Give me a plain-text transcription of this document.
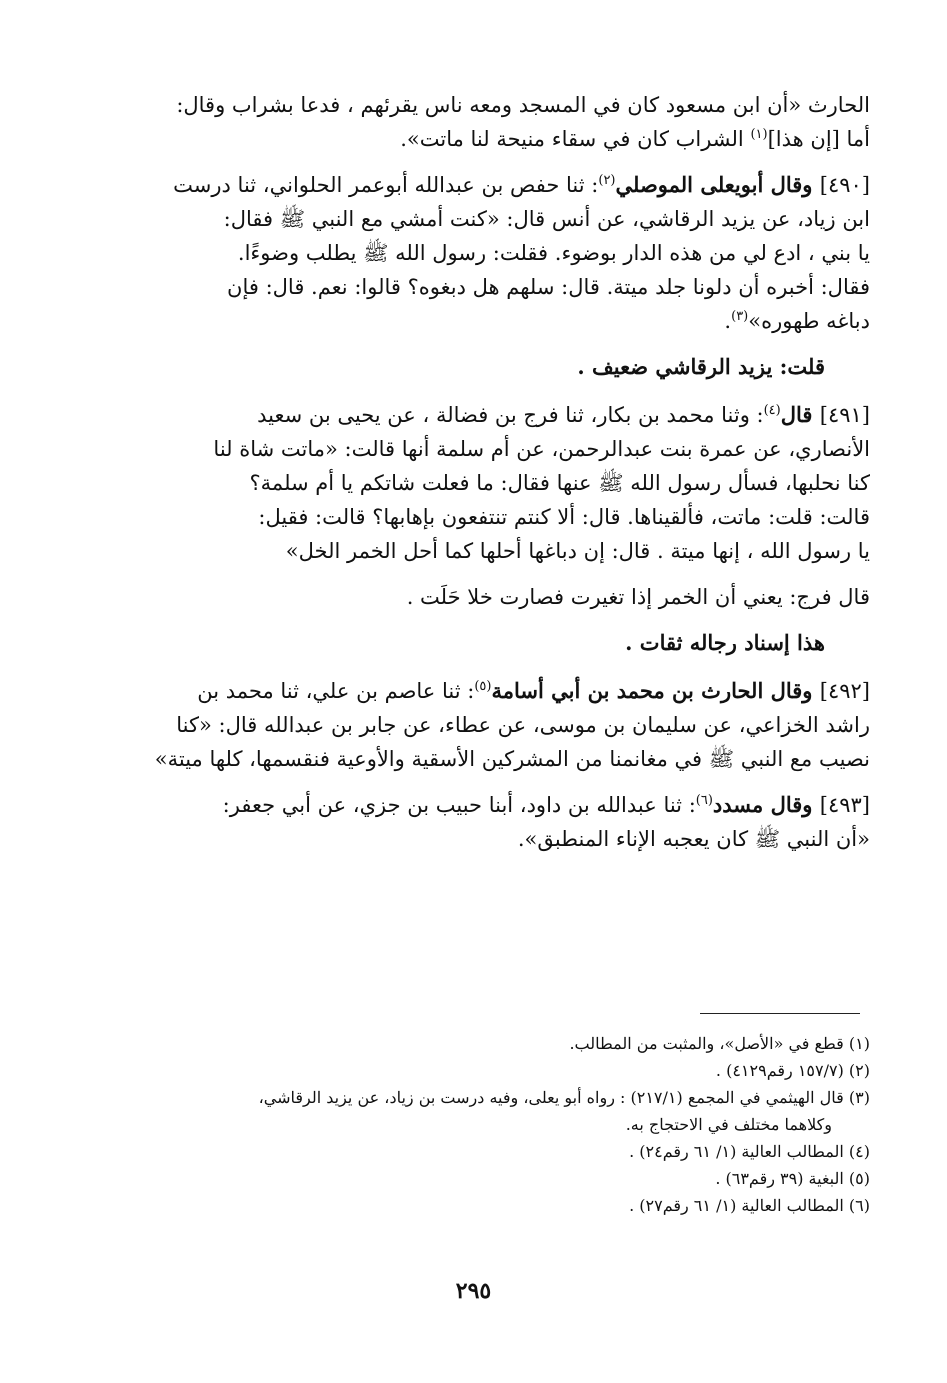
الحارث «أن ابن مسعود كان في المسجد ومعه ناس يقرئهم ، فدعا بشراب وقال:
أما [إن هذا]$^{(١)}$ الشراب كان في سقاء منيحة لنا ماتت».
[٤٩٠] وقال أبويعلى الموصلي$^{(٢)}$: ثنا حفص بن عبدالله أبوعمر الحلواني، ثنا درست
ابن زياد، عن يزيد الرقاشي، عن أنس قال: «كنت أمشي مع النبي ﷺ فقال:
يا بني ، ادع لي من هذه الدار بوضوء. فقلت: رسول الله ﷺ يطلب وضوءًا.
فقال: أخبره أن دلونا جلد ميتة. قال: سلهم هل دبغوه؟ قالوا: نعم. قال: فإن
دباغه طهوره»$^{(٣)}$.
قلت: يزيد الرقاشي ضعيف .
[٤٩١] قال$^{(٤)}$: وثنا محمد بن بكار، ثنا فرج بن فضالة ، عن يحيى بن سعيد
الأنصاري، عن عمرة بنت عبدالرحمن، عن أم سلمة أنها قالت: «ماتت شاة لنا
كنا نحلبها، فسأل رسول الله ﷺ عنها فقال: ما فعلت شاتكم يا أم سلمة؟
قالت: قلت: ماتت، فألقيناها. قال: ألا كنتم تنتفعون بإهابها؟ قالت: فقيل:
يا رسول الله ، إنها ميتة . قال: إن دباغها أحلها كما أحل الخمر الخل»
قال فرج: يعني أن الخمر إذا تغيرت فصارت خلا حَلَت .
هذا إسناد رجاله ثقات .
[٤٩٢] وقال الحارث بن محمد بن أبي أسامة$^{(٥)}$: ثنا عاصم بن علي، ثنا محمد بن
راشد الخزاعي، عن سليمان بن موسى، عن عطاء، عن جابر بن عبدالله قال: «كنا
نصيب مع النبي ﷺ في مغانمنا من المشركين الأسقية والأوعية فنقسمها، كلها ميتة»
[٤٩٣] وقال مسدد$^{(٦)}$: ثنا عبدالله بن داود، أبنا حبيب بن جزي، عن أبي جعفر:
«أن النبي ﷺ كان يعجبه الإناء المنطبق».
(١) قطع في «الأصل»، والمثبت من المطالب.
(٢) (١٥٧/٧ رقم٤١٢٩) .
(٣) قال الهيثمي في المجمع (٢١٧/١) : رواه أبو يعلى، وفيه درست بن زياد، عن يزيد الرقاشي،
وكلاهما مختلف في الاحتجاج به.
(٤) المطالب العالية (١/ ٦١ رقم٢٤) .
(٥) البغية (٣٩ رقم٦٣) .
(٦) المطالب العالية (١/ ٦١ رقم٢٧) .
٢٩٥
